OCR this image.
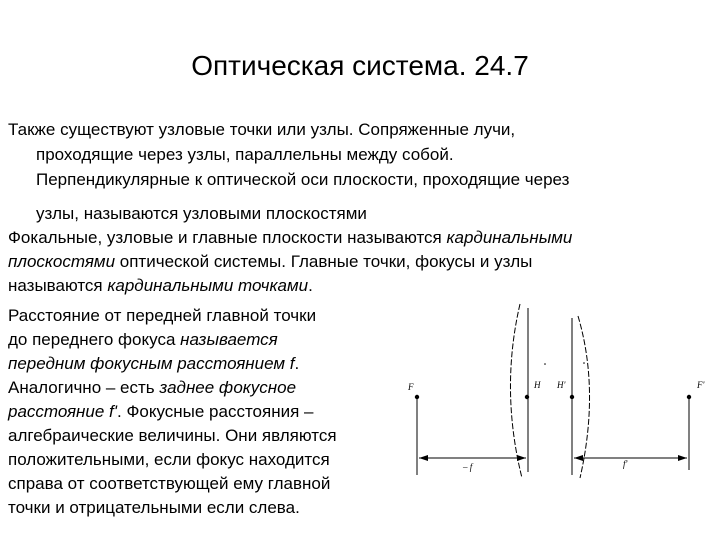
Оптическая система. 24.7
Также существуют узловые точки или узлы. Сопряженные лучи,
проходящие через узлы, параллельны между собой.
Перпендикулярные к оптической оси плоскости, проходящие через
узлы, называются узловыми плоскостями
Фокальные, узловые и главные плоскости называются кардинальными
плоскостями оптической системы. Главные точки, фокусы и узлы
называются кардинальными точками.
Расстояние от передней главной точки
до переднего фокуса называется
передним фокусным расстоянием f.
Аналогично – есть заднее фокусное
расстояние f'. Фокусные расстояния –
алгебраические величины. Они являются
положительными, если фокус находится
справа от соответствующей ему главной
точки и отрицательными если слева.
F	H H'	F'
– f	f'
